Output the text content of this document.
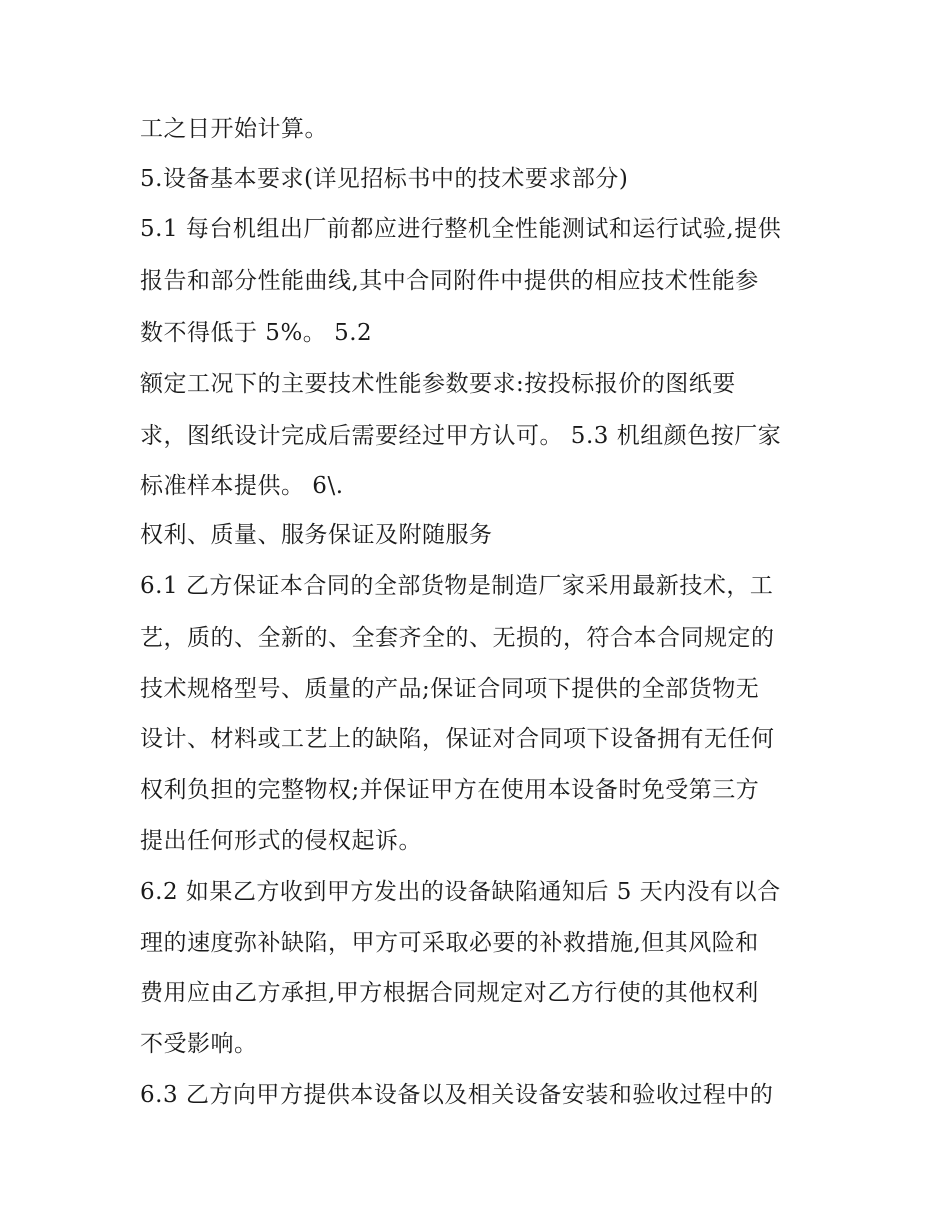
工之日开始计算。
5.设备基本要求(详见招标书中的技术要求部分)
5.1 每台机组出厂前都应进行整机全性能测试和运行试验,提供
报告和部分性能曲线,其中合同附件中提供的相应技术性能参
数不得低于 5%。 5.2
额定工况下的主要技术性能参数要求:按投标报价的图纸要
求，图纸设计完成后需要经过甲方认可。 5.3 机组颜色按厂家
标准样本提供。 6\.
权利、质量、服务保证及附随服务
6.1 乙方保证本合同的全部货物是制造厂家采用最新技术，工
艺，质的、全新的、全套齐全的、无损的，符合本合同规定的
技术规格型号、质量的产品;保证合同项下提供的全部货物无
设计、材料或工艺上的缺陷，保证对合同项下设备拥有无任何
权利负担的完整物权;并保证甲方在使用本设备时免受第三方
提出任何形式的侵权起诉。
6.2 如果乙方收到甲方发出的设备缺陷通知后 5 天内没有以合
理的速度弥补缺陷，甲方可采取必要的补救措施,但其风险和
费用应由乙方承担,甲方根据合同规定对乙方行使的其他权利
不受影响。
6.3 乙方向甲方提供本设备以及相关设备安装和验收过程中的
